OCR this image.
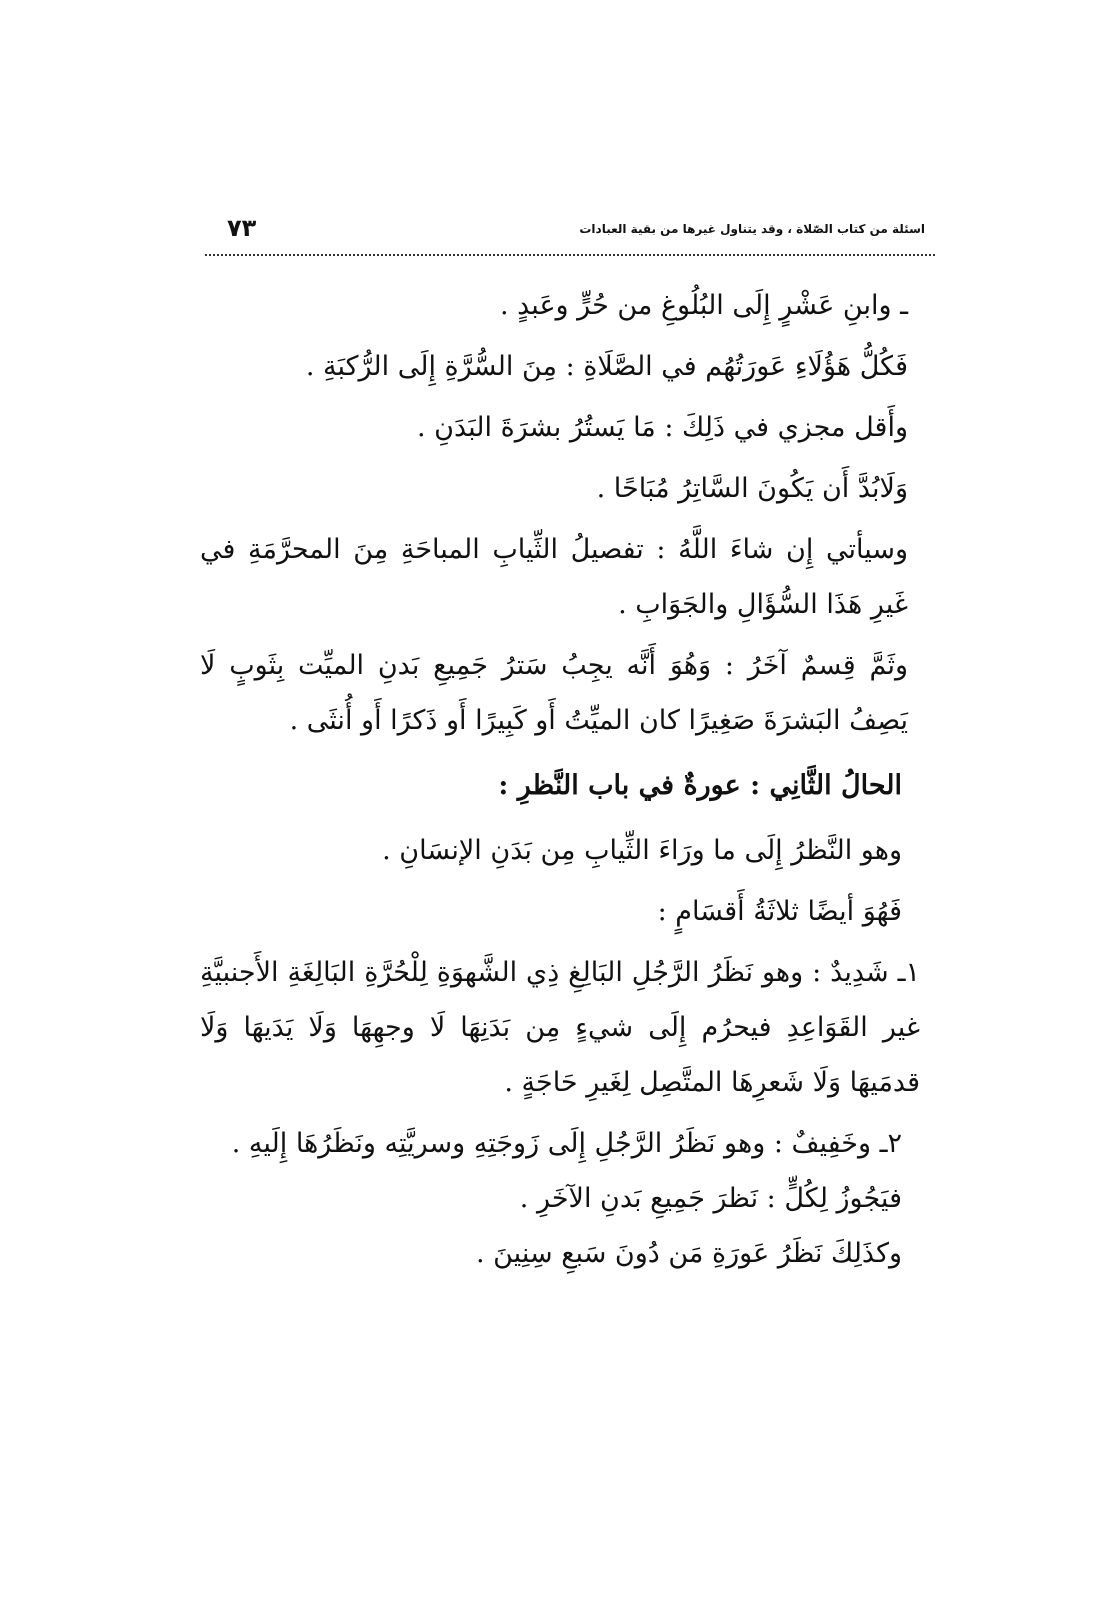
اسئلة من كتاب الصّلاة ، وقد يتناول غيرها من بقية العبادات
٧٣

ـ وابنِ عَشْرٍ إِلَى البُلُوغِ من حُرٍّ وعَبدٍ .

فَكُلُّ هَؤُلَاءِ عَورَتُهُم في الصَّلَاةِ : مِنَ السُّرَّةِ إِلَى الرُّكبَةِ .

وأَقل مجزي في ذَلِكَ : مَا يَستُرُ بشرَةَ البَدَنِ .

وَلَابُدَّ أَن يَكُونَ السَّاتِرُ مُبَاحًا .

وسيأتي إِن شاءَ اللَّهُ : تفصيلُ الثِّيابِ المباحَةِ مِنَ المحرَّمَةِ في غَيرِ هَذَا السُّؤَالِ والجَوَابِ .

وثَمَّ قِسمٌ آخَرُ : وَهُوَ أَنَّه يجِبُ سَترُ جَمِيعِ بَدنِ الميِّت بِثَوبٍ لَا يَصِفُ البَشرَةَ صَغِيرًا كان الميِّتُ أَو كَبِيرًا أَو ذَكرًا أَو أُنثَى .

الحالُ الثَّانِي : عورةٌ في باب النَّظرِ :

وهو النَّظرُ إِلَى ما ورَاءَ الثِّيابِ مِن بَدَنِ الإنسَانِ .

فَهُوَ أيضًا ثلاثَةُ أَقسَامٍ :

١ـ شَدِيدٌ : وهو نَظَرُ الرَّجُلِ البَالِغِ ذِي الشَّهوَةِ لِلْحُرَّةِ البَالِغَةِ الأَجنبيَّةِ غير القَوَاعِدِ فيحرُم إِلَى شيءٍ مِن بَدَنِهَا لَا وجهِهَا وَلَا يَدَيهَا وَلَا قدمَيهَا وَلَا شَعرِهَا المتَّصِل لِغَيرِ حَاجَةٍ .

٢ـ وخَفِيفٌ : وهو نَظَرُ الرَّجُلِ إِلَى زَوجَتِهِ وسريَّتِه ونَظَرُهَا إِلَيهِ .

فيَجُوزُ لِكُلٍّ : نَظرَ جَمِيعِ بَدنِ الآخَرِ .

وكذَلِكَ نَظَرُ عَورَةِ مَن دُونَ سَبعِ سِنِينَ .
